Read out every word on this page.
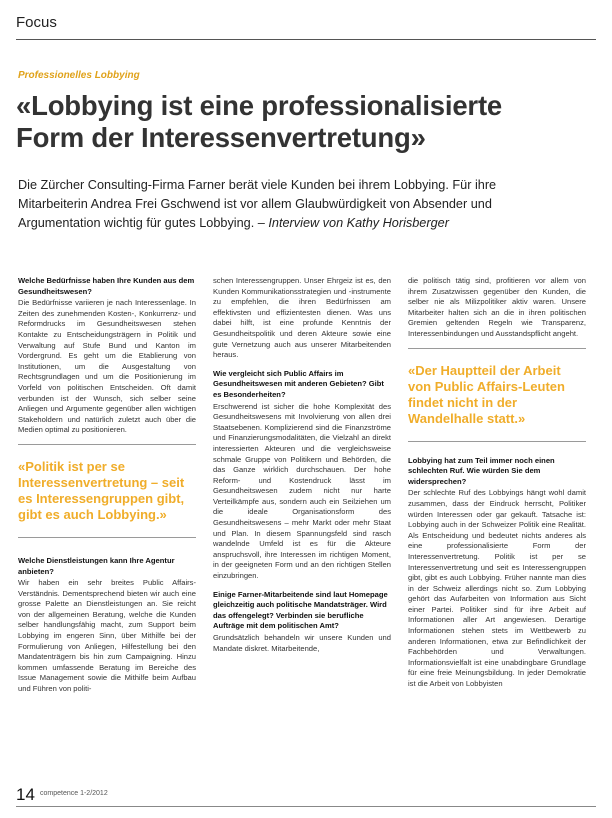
Focus
Professionelles Lobbying
«Lobbying ist eine professionalisierte
Form der Interessenvertretung»

Die Zürcher Consulting-Firma Farner berät viele Kunden bei ihrem Lobbying. Für ihre
Mitarbeiterin Andrea Frei Gschwend ist vor allem Glaubwürdigkeit von Absender und
Argumentation wichtig für gutes Lobbying. – Interview von Kathy Horisberger

Welche Bedürfnisse haben Ihre Kunden aus dem Gesundheitswesen?

Die Bedürfnisse variieren je nach Interessenlage. In Zeiten des zunehmenden Kosten-, Konkurrenz- und Reformdrucks im Gesundheitswesen stehen Kontakte zu Entscheidungsträgern in Politik und Verwaltung auf Stufe Bund und Kanton im Vordergrund. Es geht um die Etablierung von Institutionen, um die Ausgestaltung von Rechtsgrundlagen und um die Positionierung im Vorfeld von politischen Entscheiden. Oft damit verbunden ist der Wunsch, sich selber seine Anliegen und Argumente gegenüber allen wichtigen Stakeholdern und natürlich zuletzt auch über die Medien optimal zu positionieren.

«Politik ist per se Interessenvertretung – seit es Interessengruppen gibt, gibt es auch Lobbying.»

Welche Dienstleistungen kann Ihre Agentur anbieten?

Wir haben ein sehr breites Public Affairs-Verständnis. Dementsprechend bieten wir auch eine grosse Palette an Dienstleistungen an. Sie reicht von der allgemeinen Beratung, welche die Kunden selber handlungsfähig macht, zum Support beim Lobbying im engeren Sinn, über Mithilfe bei der Formulierung von Anliegen, Hilfestellung bei den Mandatenträgern bis hin zum Campaigning. Hinzu kommen umfassende Beratung im Bereiche des Issue Management sowie die Mithilfe beim Aufbau und Führen von politi-

schen Interessengruppen. Unser Ehrgeiz ist es, den Kunden Kommunikationsstrategien und -instrumente zu empfehlen, die ihren Bedürfnissen am effektivsten und effizientesten dienen. Was uns dabei hilft, ist eine profunde Kenntnis der Gesundheitspolitik und deren Akteure sowie eine gute Vernetzung auch aus unserer Mitarbeitenden heraus.

Wie vergleicht sich Public Affairs im Gesundheitswesen mit anderen Gebieten? Gibt es Besonderheiten?

Erschwerend ist sicher die hohe Komplexität des Gesundheitswesens mit Involvierung von allen drei Staatsebenen. Komplizierend sind die Finanzströme und Finanzierungsmodalitäten, die Vielzahl an direkt interessierten Akteuren und die vergleichsweise schmale Gruppe von Politikern und Behörden, die das Ganze wirklich durchschauen. Der hohe Reform- und Kostendruck lässt im Gesundheitswesen zudem nicht nur harte Verteilkämpfe aus, sondern auch ein Seilziehen um die ideale Organisationsform des Gesundheitswesens – mehr Markt oder mehr Staat und Plan. In diesem Spannungsfeld sind rasch wandelnde Umfeld ist es für die Akteure anspruchsvoll, ihre Interessen im richtigen Moment, in der geeigneten Form und an den richtigen Stellen einzubringen.

Einige Farner-Mitarbeitende sind laut Homepage gleichzeitig auch politische Mandatsträger. Wird das offengelegt? Verbinden sie berufliche Aufträge mit dem politischen Amt?

Grundsätzlich behandeln wir unsere Kunden und Mandate diskret. Mitarbeitende,

die politisch tätig sind, profitieren vor allem von ihrem Zusatzwissen gegenüber den Kunden, die selber nie als Milizpolitiker aktiv waren. Unsere Mitarbeiter halten sich an die in ihren politischen Gremien geltenden Regeln wie Transparenz, Interessenbindungen und Ausstandspflicht angeht.

«Der Hauptteil der Arbeit von Public Affairs-Leuten findet nicht in der Wandelhalle statt.»

Lobbying hat zum Teil immer noch einen schlechten Ruf. Wie würden Sie dem widersprechen?

Der schlechte Ruf des Lobbyings hängt wohl damit zusammen, dass der Eindruck herrscht, Politiker würden Interessen oder gar gekauft. Tatsache ist: Lobbying auch in der Schweizer Politik eine Realität. Als Entscheidung und bedeutet nichts anderes als eine professionalisierte Form der Interessenvertretung. Politik ist per se Interessenvertretung und seit es Interessengruppen gibt, gibt es auch Lobbying. Früher nannte man dies in der Schweiz allerdings nicht so. Zum Lobbying gehört das Aufarbeiten von Information aus Sicht einer Partei. Politiker sind für ihre Arbeit auf Informationen aller Art angewiesen. Derartige Informationen stehen stets im Wettbewerb zu anderen Informationen, etwa zur Befindlichkeit der Fachbehörden und Verwaltungen. Informationsvielfalt ist eine unabdingbare Grundlage für eine freie Meinungsbildung. In jeder Demokratie ist die Arbeit von Lobbyisten

14 competence 1-2/2012
